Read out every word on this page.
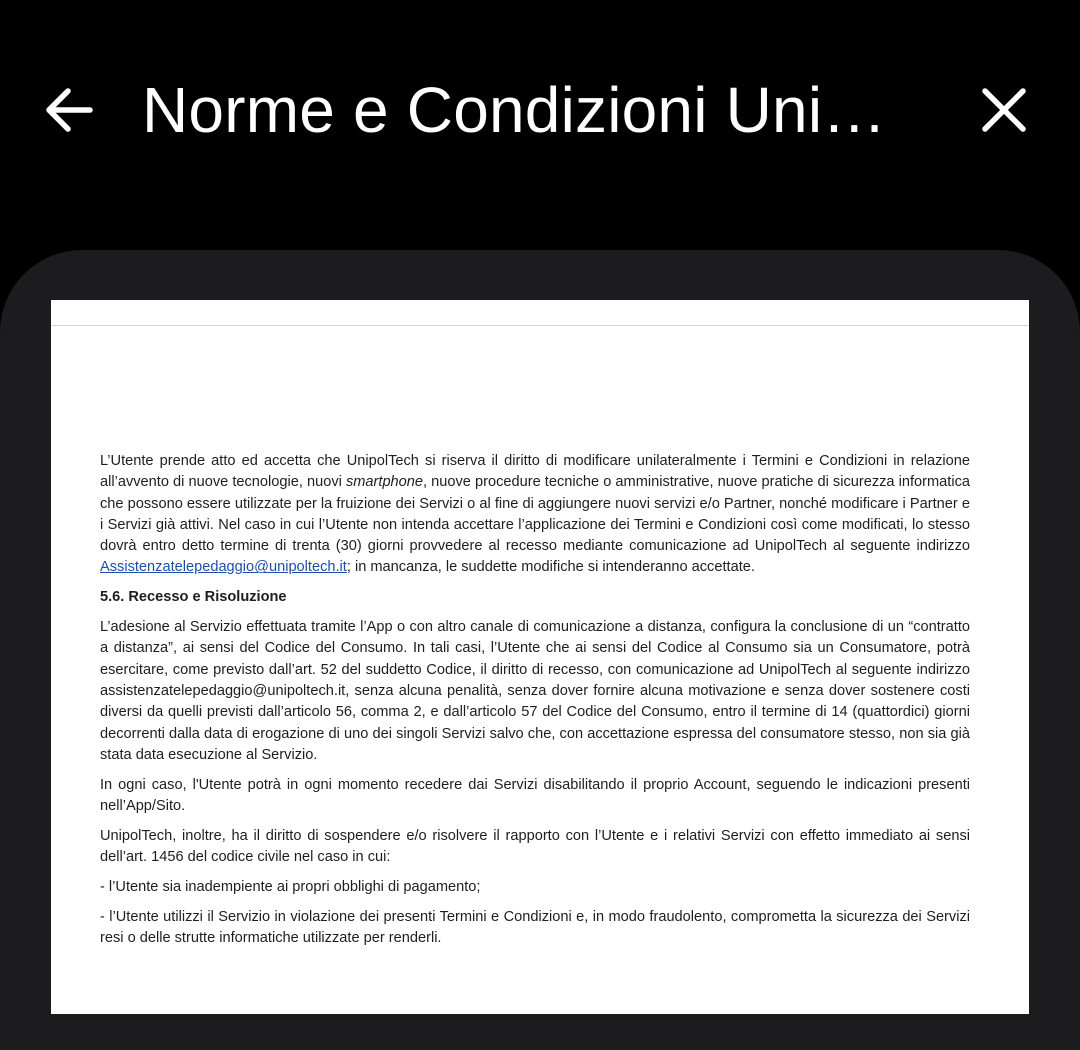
Norme e Condizioni Uni…

L’Utente prende atto ed accetta che UnipolTech si riserva il diritto di modificare unilateralmente i Termini e Condizioni in relazione all’avvento di nuove tecnologie, nuovi smartphone, nuove procedure tecniche o amministrative, nuove pratiche di sicurezza informatica che possono essere utilizzate per la fruizione dei Servizi o al fine di aggiungere nuovi servizi e/o Partner, nonché modificare i Partner e i Servizi già attivi. Nel caso in cui l’Utente non intenda accettare l’applicazione dei Termini e Condizioni così come modificati, lo stesso dovrà entro detto termine di trenta (30) giorni provvedere al recesso mediante comunicazione ad UnipolTech al seguente indirizzo Assistenzatelepedaggio@unipoltech.it; in mancanza, le suddette modifiche si intenderanno accettate.

5.6. Recesso e Risoluzione

L’adesione al Servizio effettuata tramite l’App o con altro canale di comunicazione a distanza, configura la conclusione di un “contratto a distanza”, ai sensi del Codice del Consumo. In tali casi, l’Utente che ai sensi del Codice al Consumo sia un Consumatore, potrà esercitare, come previsto dall’art. 52 del suddetto Codice, il diritto di recesso, con comunicazione ad UnipolTech al seguente indirizzo assistenzatelepedaggio@unipoltech.it, senza alcuna penalità, senza dover fornire alcuna motivazione e senza dover sostenere costi diversi da quelli previsti dall’articolo 56, comma 2, e dall’articolo 57 del Codice del Consumo, entro il termine di 14 (quattordici) giorni decorrenti dalla data di erogazione di uno dei singoli Servizi salvo che, con accettazione espressa del consumatore stesso, non sia già stata data esecuzione al Servizio.

In ogni caso, l'Utente potrà in ogni momento recedere dai Servizi disabilitando il proprio Account, seguendo le indicazioni presenti nell’App/Sito.

UnipolTech, inoltre, ha il diritto di sospendere e/o risolvere il rapporto con l’Utente e i relativi Servizi con effetto immediato ai sensi dell’art. 1456 del codice civile nel caso in cui:

- l’Utente sia inadempiente ai propri obblighi di pagamento;

- l’Utente utilizzi il Servizio in violazione dei presenti Termini e Condizioni e, in modo fraudolento, comprometta la sicurezza dei Servizi resi o delle strutte informatiche utilizzate per renderli.
